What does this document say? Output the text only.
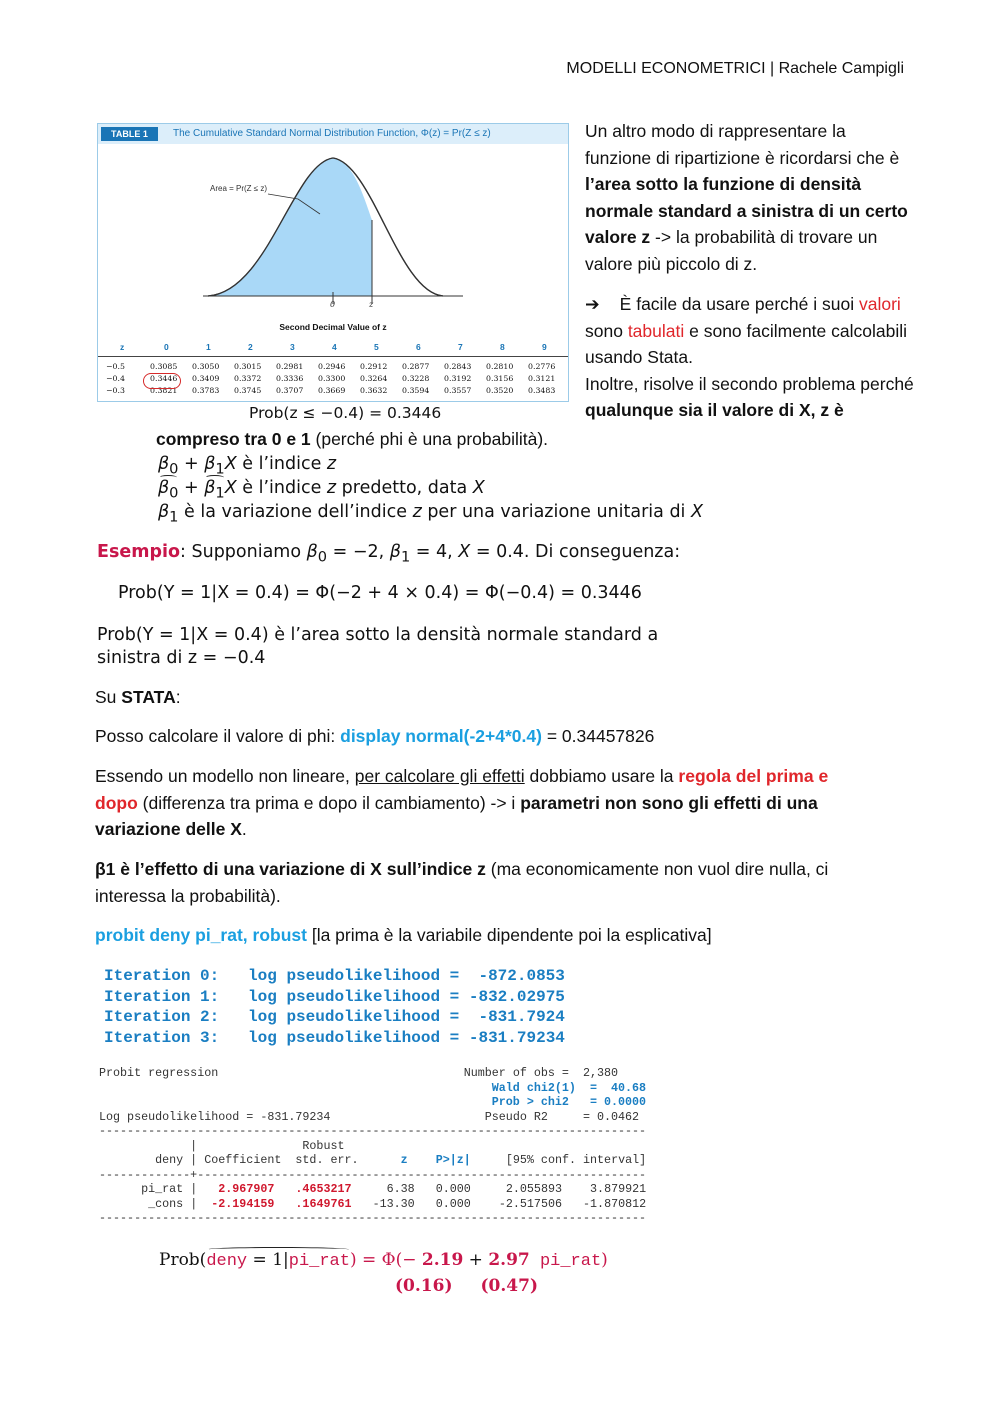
MODELLI ECONOMETRICI | Rachele Campigli
TABLE 1	The Cumulative Standard Normal Distribution Function, Φ(z) = Pr(Z ≤ z)
Area = Pr(Z ≤ z)
0	z
Second Decimal Value of z
z	0	1	2	3	4	5	6	7	8	9
−0.5	0.3085 0.3050 0.3015 0.2981 0.2946 0.2912 0.2877 0.2843 0.2810 0.2776
−0.4	0.3446 0.3409 0.3372 0.3336 0.3300 0.3264 0.3228 0.3192 0.3156 0.3121
−0.3	0.3821 0.3783 0.3745 0.3707 0.3669 0.3632 0.3594 0.3557 0.3520 0.3483
Prob(z ≤ −0.4) = 0.3446

Un altro modo di rappresentare la funzione di ripartizione è ricordarsi che è l’area sotto la funzione di densità normale standard a sinistra di un certo valore z -> la probabilità di trovare un valore più piccolo di z.

➔ È facile da usare perché i suoi valori sono tabulati e sono facilmente calcolabili usando Stata.

Inoltre, risolve il secondo problema perché qualunque sia il valore di X, z è

compreso tra 0 e 1 (perché phi è una probabilità).
$\beta_0 + \beta_1X$ è l’indice z
$\beta_0 + \beta_1X$ è l’indice z predetto, data X
$\beta_1$ è la variazione dell’indice z per una variazione unitaria di X
Esempio: Supponiamo $\beta_0 = -2$, $\beta_1 = 4$, X = 0.4. Di conseguenza:
Prob(Y = 1|X = 0.4) = Φ(−2 + 4 × 0.4) = Φ(−0.4) = 0.3446
Prob(Y = 1|X = 0.4) è l’area sotto la densità normale standard a
sinistra di z = −0.4
Su STATA:
Posso calcolare il valore di phi: display normal(-2+4*0.4) = 0.34457826
Essendo un modello non lineare, per calcolare gli effetti dobbiamo usare la regola del prima e dopo (differenza tra prima e dopo il cambiamento) -> i parametri non sono gli effetti di una variazione delle X.
β1 è l’effetto di una variazione di X sull’indice z (ma economicamente non vuol dire nulla, ci interessa la probabilità).
probit deny pi_rat, robust [la prima è la variabile dipendente poi la esplicativa]
Iteration 0: log pseudolikelihood = -872.0853
Iteration 1: log pseudolikelihood = -832.02975
Iteration 2: log pseudolikelihood = -831.7924
Iteration 3: log pseudolikelihood = -831.79234
Probit regression	Number of obs =  2,380
Wald chi2(1)  =  40.68
Prob > chi2   = 0.0000
Log pseudolikelihood = -831.79234	Pseudo R2     = 0.0462
------------------------------------------------------------------------------
|	Robust
deny | Coefficient std. err.	z P>|z|	[95% conf. interval]
-------------+----------------------------------------------------------------
pi_rat |   2.967907 .4653217	6.38 0.000	2.055893 3.879921
_cons |  -2.194159 .1649761 -13.30 0.000 -2.517506 -1.870812
------------------------------------------------------------------------------
Prob(deny = 1|pi_rat) = Φ(− 2.19 + 2.97 pi_rat)
(0.16) (0.47)
